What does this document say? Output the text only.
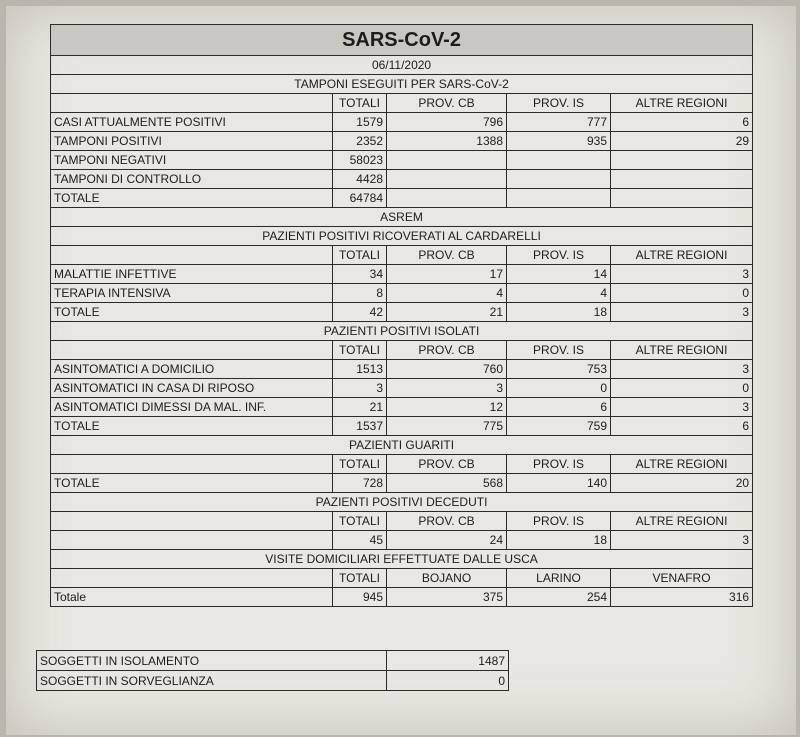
SARS-CoV-2				
06/11/2020				
TAMPONI ESEGUITI PER SARS-CoV-2				
	TOTALI	PROV. CB	PROV. IS	ALTRE REGIONI
CASI ATTUALMENTE POSITIVI	1579	796	777	6
TAMPONI POSITIVI	2352	1388	935	29
TAMPONI NEGATIVI	58023			
TAMPONI DI CONTROLLO	4428			
TOTALE	64784			
ASREM				
PAZIENTI POSITIVI RICOVERATI AL CARDARELLI				
	TOTALI	PROV. CB	PROV. IS	ALTRE REGIONI
MALATTIE INFETTIVE	34	17	14	3
TERAPIA INTENSIVA	8	4	4	0
TOTALE	42	21	18	3
PAZIENTI POSITIVI ISOLATI				
	TOTALI	PROV. CB	PROV. IS	ALTRE REGIONI
ASINTOMATICI A DOMICILIO	1513	760	753	3
ASINTOMATICI IN CASA DI RIPOSO	3	3	0	0
ASINTOMATICI DIMESSI DA MAL. INF.	21	12	6	3
TOTALE	1537	775	759	6
PAZIENTI GUARITI				
	TOTALI	PROV. CB	PROV. IS	ALTRE REGIONI
TOTALE	728	568	140	20
PAZIENTI POSITIVI DECEDUTI				
	TOTALI	PROV. CB	PROV. IS	ALTRE REGIONI
	45	24	18	3
VISITE DOMICILIARI EFFETTUATE DALLE USCA				
	TOTALI	BOJANO	LARINO	VENAFRO
Totale	945	375	254	316
SOGGETTI IN ISOLAMENTO	1487
SOGGETTI IN SORVEGLIANZA	0
